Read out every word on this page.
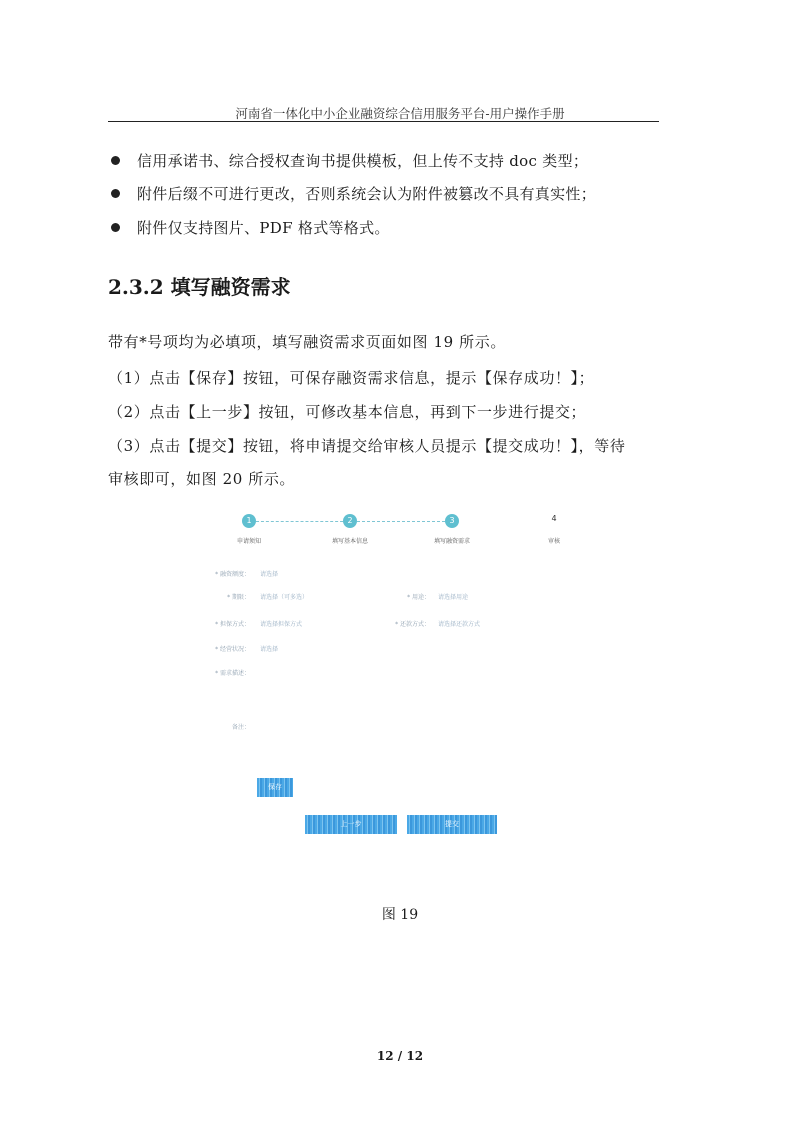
河南省一体化中小企业融资综合信用服务平台-用户操作手册
信用承诺书、综合授权查询书提供模板，但上传不支持 doc 类型；
附件后缀不可进行更改，否则系统会认为附件被篡改不具有真实性；
附件仅支持图片、PDF 格式等格式。
2.3.2 填写融资需求
带有*号项均为必填项，填写融资需求页面如图 19 所示。
（1）点击【保存】按钮，可保存融资需求信息，提示【保存成功！】；
（2）点击【上一步】按钮，可修改基本信息，再到下一步进行提交；
（3）点击【提交】按钮，将申请提交给审核人员提示【提交成功！】，等待
审核即可，如图 20 所示。
1	2	3	4
申请须知	填写基本信息	填写融资需求	审核
* 融资额度： 请选择
* 期限： 请选择（可多选）	* 用途： 请选择用途
* 担保方式： 请选择担保方式	* 还款方式： 请选择还款方式
* 经营状况： 请选择
* 需求描述：
备注：
保存
上一步	提交
图 19
12 / 12
